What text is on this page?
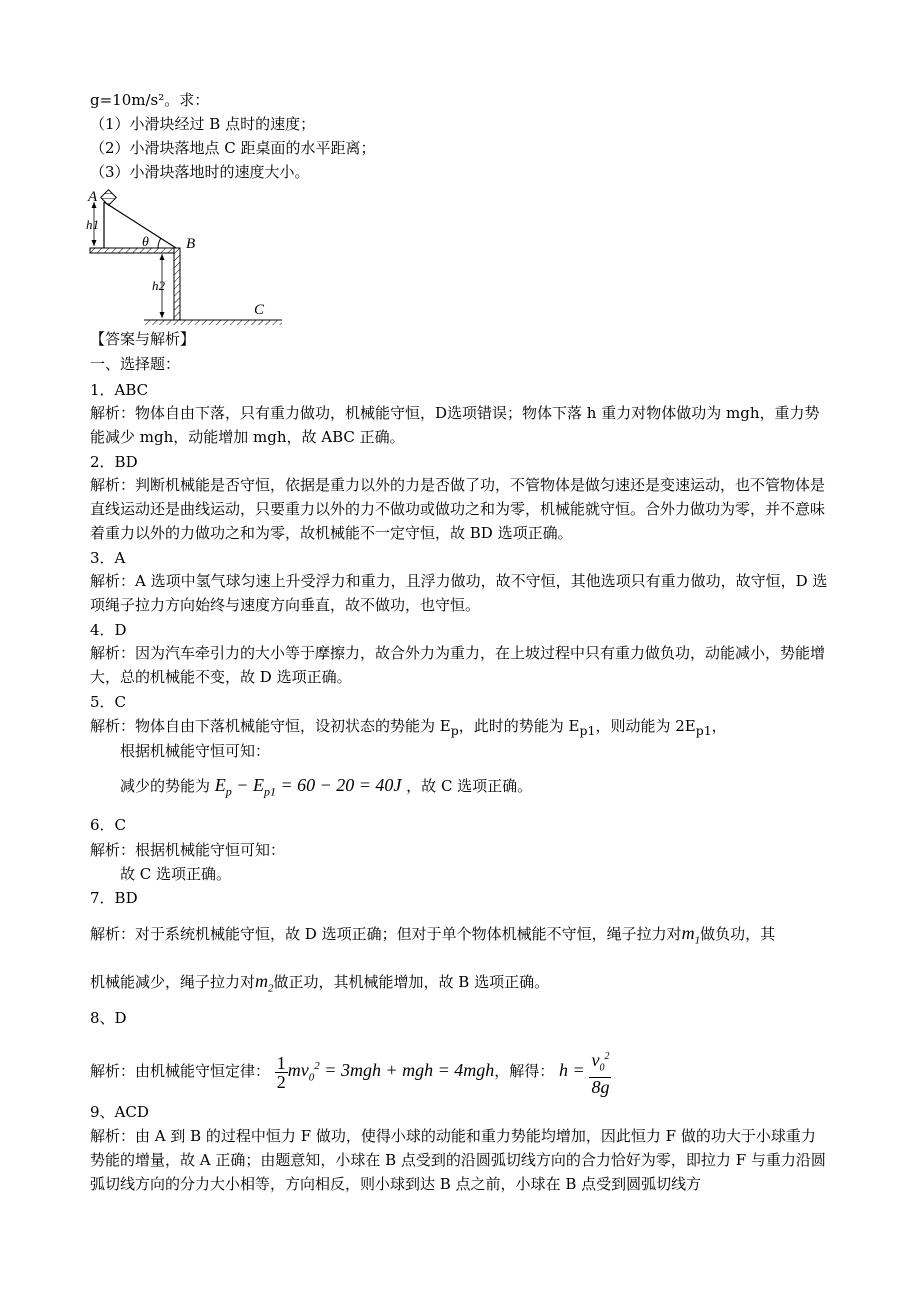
g=10m/s²。求：
（1）小滑块经过 B 点时的速度；
（2）小滑块落地点 C 距桌面的水平距离；
（3）小滑块落地时的速度大小。
A
B
C
h1
h2
θ
【答案与解析】
一、选择题：
1．ABC
解析：物体自由下落，只有重力做功，机械能守恒，D选项错误；物体下落 h 重力对物体做功为 mgh，重力势能减少 mgh，动能增加 mgh，故 ABC 正确。
2．BD
解析：判断机械能是否守恒，依据是重力以外的力是否做了功，不管物体是做匀速还是变速运动，也不管物体是直线运动还是曲线运动，只要重力以外的力不做功或做功之和为零，机械能就守恒。合外力做功为零，并不意味着重力以外的力做功之和为零，故机械能不一定守恒，故 BD 选项正确。
3．A
解析：A 选项中氢气球匀速上升受浮力和重力，且浮力做功，故不守恒，其他选项只有重力做功，故守恒，D 选项绳子拉力方向始终与速度方向垂直，故不做功，也守恒。
4．D
解析：因为汽车牵引力的大小等于摩擦力，故合外力为重力，在上坡过程中只有重力做负功，动能减小，势能增大，总的机械能不变，故 D 选项正确。
5．C
解析：物体自由下落机械能守恒，设初状态的势能为 $E_p$，此时的势能为 $E_{p1}$，则动能为 $2E_{p1}$，
根据机械能守恒可知：
减少的势能为 $E_p - E_{p1} = 60 - 20 = 40J$ ，故 C 选项正确。
6．C
解析：根据机械能守恒可知：
故 C 选项正确。
7．BD
解析：对于系统机械能守恒，故 D 选项正确；但对于单个物体机械能不守恒，绳子拉力对$m_1$做负功，其
机械能减少，绳子拉力对$m_2$做正功，其机械能增加，故 B 选项正确。
8、D
解析：由机械能守恒定律： $\frac{1}{2} mv_0^2 = 3mgh$ + mgh = 4mgh，解得： $h = \frac{v_0^2}{8g}$
9、ACD
解析：由 A 到 B 的过程中恒力 F 做功，使得小球的动能和重力势能均增加，因此恒力 F 做的功大于小球重力势能的增量，故 A 正确；由题意知，小球在 B 点受到的沿圆弧切线方向的合力恰好为零，即拉力 F 与重力沿圆弧切线方向的分力大小相等，方向相反，则小球到达 B 点之前，小球在 B 点受到圆弧切线方
